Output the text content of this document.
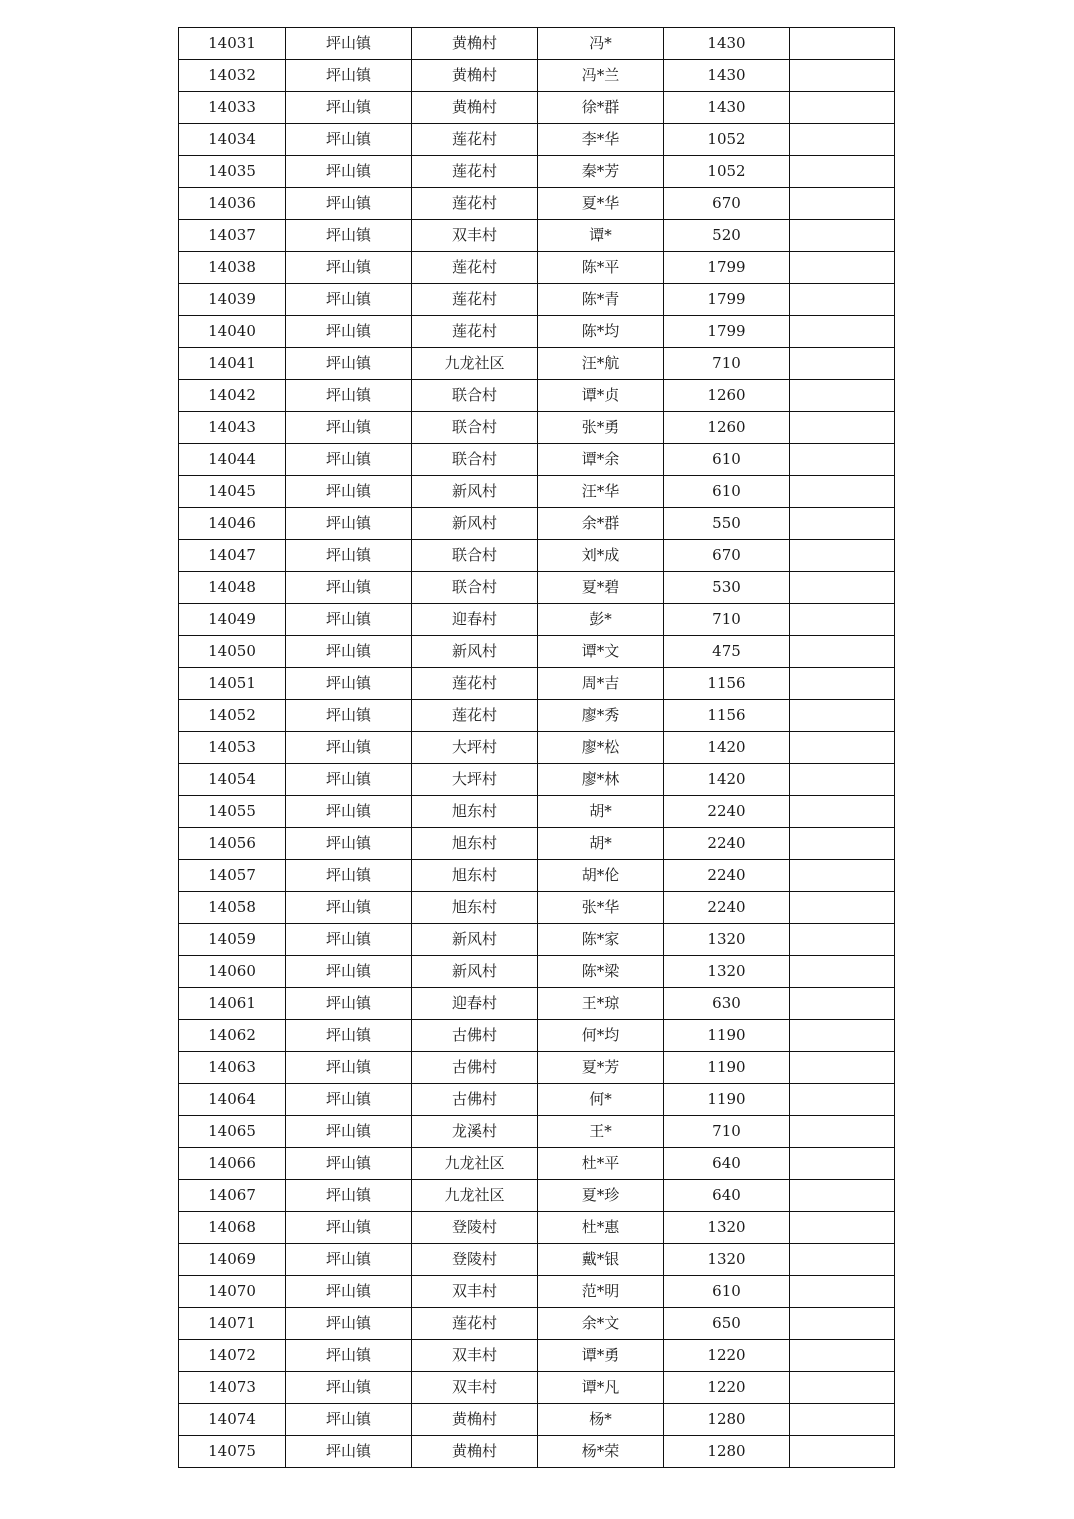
14031	坪山镇	黄桷村	冯*	1430	
14032	坪山镇	黄桷村	冯*兰	1430	
14033	坪山镇	黄桷村	徐*群	1430	
14034	坪山镇	莲花村	李*华	1052	
14035	坪山镇	莲花村	秦*芳	1052	
14036	坪山镇	莲花村	夏*华	670	
14037	坪山镇	双丰村	谭*	520	
14038	坪山镇	莲花村	陈*平	1799	
14039	坪山镇	莲花村	陈*青	1799	
14040	坪山镇	莲花村	陈*均	1799	
14041	坪山镇	九龙社区	汪*航	710	
14042	坪山镇	联合村	谭*贞	1260	
14043	坪山镇	联合村	张*勇	1260	
14044	坪山镇	联合村	谭*余	610	
14045	坪山镇	新风村	汪*华	610	
14046	坪山镇	新风村	余*群	550	
14047	坪山镇	联合村	刘*成	670	
14048	坪山镇	联合村	夏*碧	530	
14049	坪山镇	迎春村	彭*	710	
14050	坪山镇	新风村	谭*文	475	
14051	坪山镇	莲花村	周*吉	1156	
14052	坪山镇	莲花村	廖*秀	1156	
14053	坪山镇	大坪村	廖*松	1420	
14054	坪山镇	大坪村	廖*林	1420	
14055	坪山镇	旭东村	胡*	2240	
14056	坪山镇	旭东村	胡*	2240	
14057	坪山镇	旭东村	胡*伦	2240	
14058	坪山镇	旭东村	张*华	2240	
14059	坪山镇	新风村	陈*家	1320	
14060	坪山镇	新风村	陈*梁	1320	
14061	坪山镇	迎春村	王*琼	630	
14062	坪山镇	古佛村	何*均	1190	
14063	坪山镇	古佛村	夏*芳	1190	
14064	坪山镇	古佛村	何*	1190	
14065	坪山镇	龙溪村	王*	710	
14066	坪山镇	九龙社区	杜*平	640	
14067	坪山镇	九龙社区	夏*珍	640	
14068	坪山镇	登陵村	杜*惠	1320	
14069	坪山镇	登陵村	戴*银	1320	
14070	坪山镇	双丰村	范*明	610	
14071	坪山镇	莲花村	余*文	650	
14072	坪山镇	双丰村	谭*勇	1220	
14073	坪山镇	双丰村	谭*凡	1220	
14074	坪山镇	黄桷村	杨*	1280	
14075	坪山镇	黄桷村	杨*荣	1280	
